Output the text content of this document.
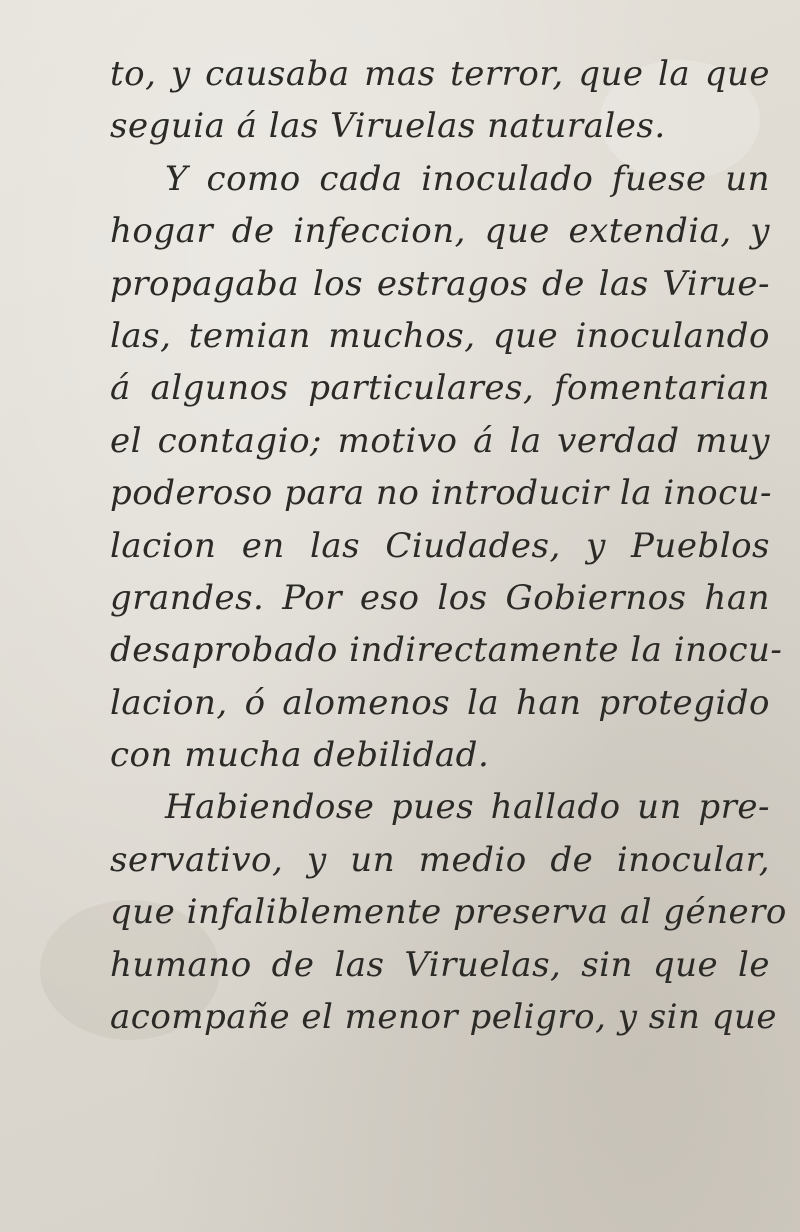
to, y causaba mas terror, que la que
seguia á las Viruelas naturales.
Y como cada inoculado fuese un
hogar de infeccion, que extendia, y
propagaba los estragos de las Virue-
las, temian muchos, que inoculando
á algunos particulares, fomentarian
el contagio; motivo á la verdad muy
poderoso para no introducir la inocu-
lacion en las Ciudades, y Pueblos
grandes. Por eso los Gobiernos han
desaprobado indirectamente la inocu-
lacion, ó alomenos la han protegido
con mucha debilidad.
Habiendose pues hallado un pre-
servativo, y un medio de inocular,
que infaliblemente preserva al género
humano de las Viruelas, sin que le
acompañe el menor peligro, y sin que
